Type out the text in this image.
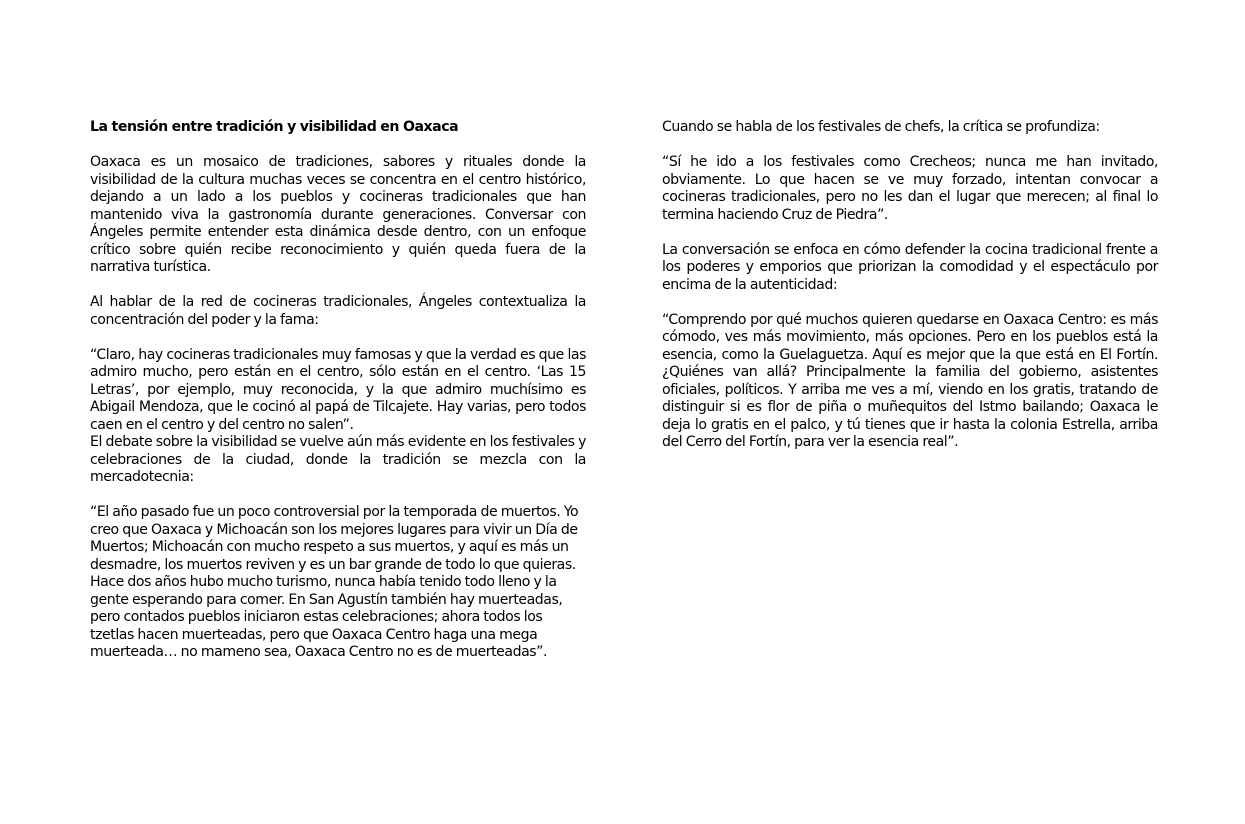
La tensión entre tradición y visibilidad en Oaxaca

Oaxaca es un mosaico de tradiciones, sabores y rituales donde la visibilidad de la cultura muchas veces se concentra en el centro histórico, dejando a un lado a los pueblos y cocineras tradicionales que han mantenido viva la gastronomía durante generaciones. Conversar con Ángeles permite entender esta dinámica desde dentro, con un enfoque crítico sobre quién recibe reconocimiento y quién queda fuera de la narrativa turística.

Al hablar de la red de cocineras tradicionales, Ángeles contextualiza la concentración del poder y la fama:

“Claro, hay cocineras tradicionales muy famosas y que la verdad es que las admiro mucho, pero están en el centro, sólo están en el centro. ‘Las 15 Letras’, por ejemplo, muy reconocida, y la que admiro muchísimo es Abigail Mendoza, que le cocinó al papá de Tilcajete. Hay varias, pero todos caen en el centro y del centro no salen”.

El debate sobre la visibilidad se vuelve aún más evidente en los festivales y celebraciones de la ciudad, donde la tradición se mezcla con la mercadotecnia:

“El año pasado fue un poco controversial por la temporada de muertos. Yo creo que Oaxaca y Michoacán son los mejores lugares para vivir un Día de Muertos; Michoacán con mucho respeto a sus muertos, y aquí es más un desmadre, los muertos reviven y es un bar grande de todo lo que quieras. Hace dos años hubo mucho turismo, nunca había tenido todo lleno y la gente esperando para comer. En San Agustín también hay muerteadas, pero contados pueblos iniciaron estas celebraciones; ahora todos los tzetlas hacen muerteadas, pero que Oaxaca Centro haga una mega muerteada… no mameno sea, Oaxaca Centro no es de muerteadas”.

Cuando se habla de los festivales de chefs, la crítica se profundiza:

“Sí he ido a los festivales como Crecheos; nunca me han invitado, obviamente. Lo que hacen se ve muy forzado, intentan convocar a cocineras tradicionales, pero no les dan el lugar que merecen; al final lo termina haciendo Cruz de Piedra”.

La conversación se enfoca en cómo defender la cocina tradicional frente a los poderes y emporios que priorizan la comodidad y el espectáculo por encima de la autenticidad:

“Comprendo por qué muchos quieren quedarse en Oaxaca Centro: es más cómodo, ves más movimiento, más opciones. Pero en los pueblos está la esencia, como la Guelaguetza. Aquí es mejor que la que está en El Fortín. ¿Quiénes van allá? Principalmente la familia del gobierno, asistentes oficiales, políticos. Y arriba me ves a mí, viendo en los gratis, tratando de distinguir si es flor de piña o muñequitos del Istmo bailando; Oaxaca le deja lo gratis en el palco, y tú tienes que ir hasta la colonia Estrella, arriba del Cerro del Fortín, para ver la esencia real”.
